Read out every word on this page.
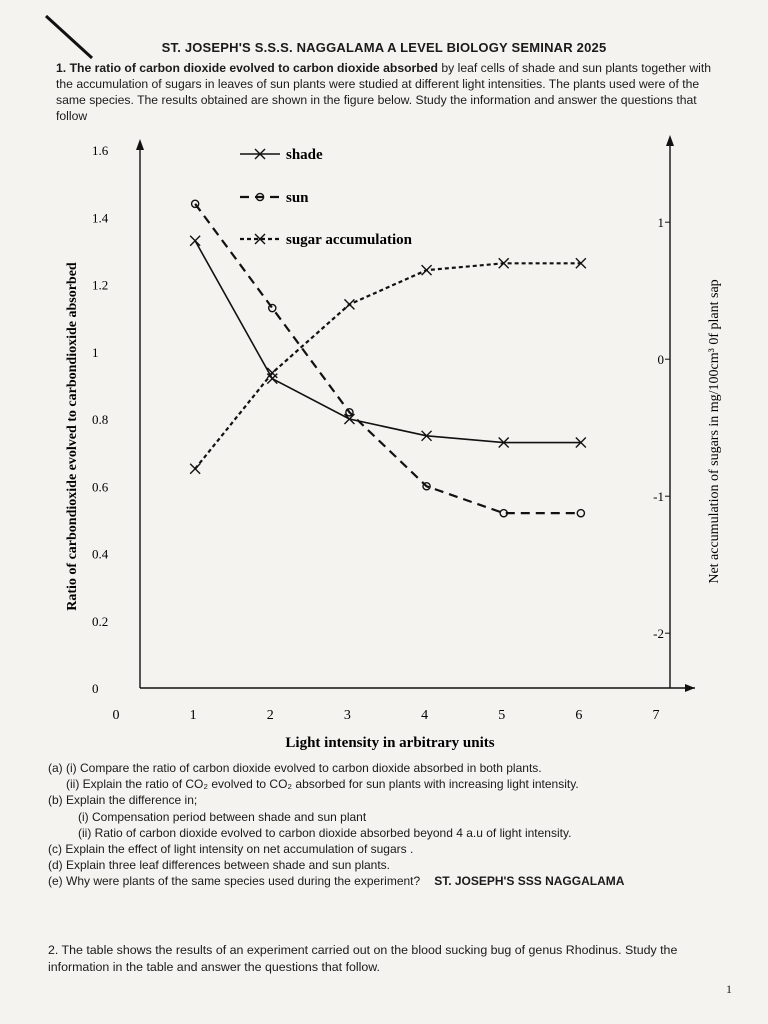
ST. JOSEPH'S S.S.S. NAGGALAMA A LEVEL BIOLOGY SEMINAR 2025
1. The ratio of carbon dioxide evolved to carbon dioxide absorbed by leaf cells of shade and sun plants together with the accumulation of sugars in leaves of sun plants were studied at different light intensities. The plants used were of the same species. The results obtained are shown in the figure below. Study the information and answer the questions that follow
0
0.2
0.4
0.6
0.8
1
1.2
1.4
1.6
-2
-1
0
1
0	1	2	3	4	5	6	7
shade
sun
sugar accumulation
Light intensity in arbitrary units
Ratio of carbondioxide evolved to carbondioxide absorbed	Net accumulation of sugars in mg/100cm³ 0f plant sap
(a) (i) Compare the ratio of carbon dioxide evolved to carbon dioxide absorbed in both plants.
(ii) Explain the ratio of CO₂ evolved to CO₂ absorbed for sun plants with increasing light intensity.
(b) Explain the difference in;
(i) Compensation period between shade and sun plant
(ii) Ratio of carbon dioxide evolved to carbon dioxide absorbed beyond 4 a.u of light intensity.
(c) Explain the effect of light intensity on net accumulation of sugars .
(d) Explain three leaf differences between shade and sun plants.
(e) Why were plants of the same species used during the experiment? ST. JOSEPH'S SSS NAGGALAMA
2. The table shows the results of an experiment carried out on the blood sucking bug of genus Rhodinus. Study the information in the table and answer the questions that follow.
1
